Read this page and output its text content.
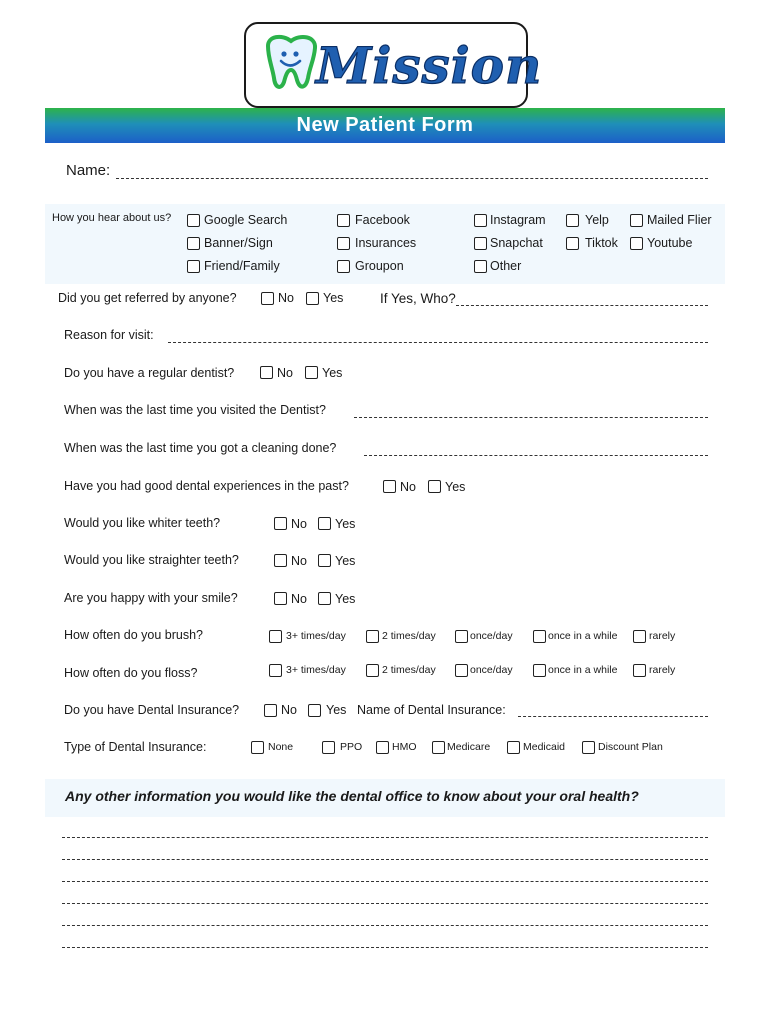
Mission
New Patient Form
Name:
How you hear about us?	Google Search	Facebook	Instagram	Yelp	Mailed Flier
Banner/Sign	Insurances	Snapchat	Tiktok Youtube
Friend/Family	Groupon	Other
Did you get referred by anyone?	No Yes	If Yes, Who?
Reason for visit:
Do you have a regular dentist?	No Yes
When was the last time you visited the Dentist?
When was the last time you got a cleaning done?
Have you had good dental experiences in the past?	No Yes
Would you like whiter teeth?	No Yes
Would you like straighter teeth?	No Yes
Are you happy with your smile?	No Yes
How often do you brush?	3+ times/day	2 times/day	once/day	once in a while	rarely
How often do you floss?	3+ times/day	2 times/day	once/day	once in a while	rarely
Do you have Dental Insurance?	No Yes Name of Dental Insurance:
Type of Dental Insurance:	None	PPO	HMO	Medicare	Medicaid	Discount Plan
Any other information you would like the dental office to know about your oral health?
